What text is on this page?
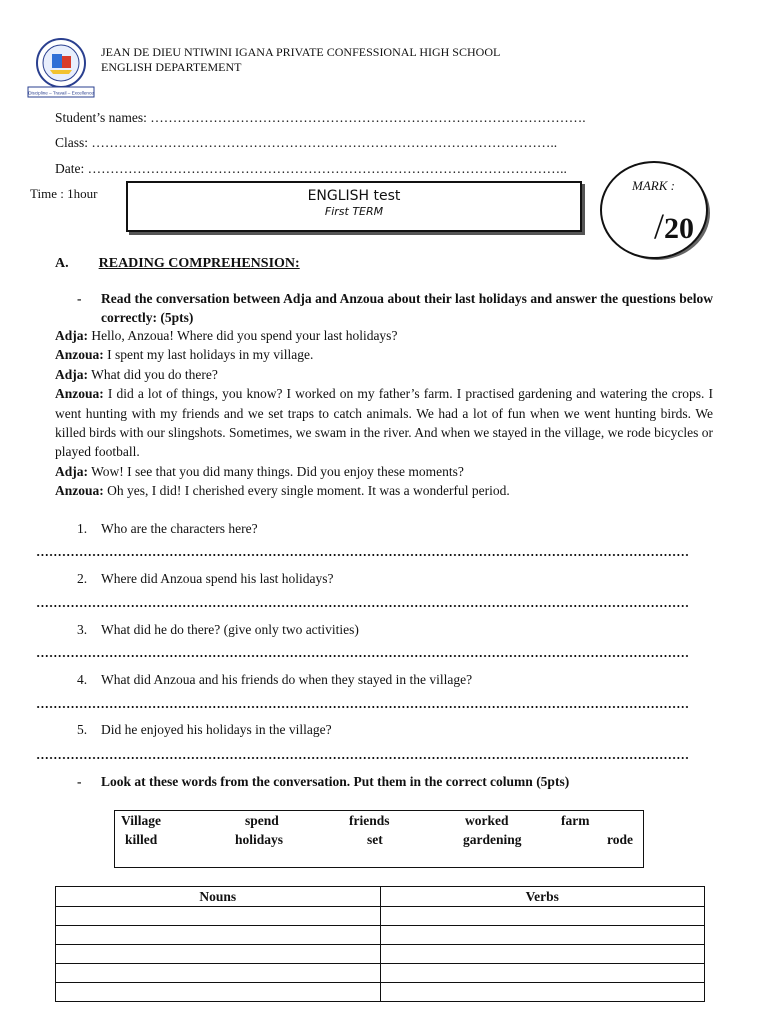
Discipline – Travail – Excellence
JEAN DE DIEU NTIWINI IGANA PRIVATE CONFESSIONAL HIGH SCHOOL
ENGLISH DEPARTEMENT
Student’s names: …………………………………………………………………………………….
Class: …………………………………………………………………………………………..
Date: ……………………………………………………………………………………………..
Time : 1hour	ENGLISH test
First TERM
MARK :
/20
A. READING COMPREHENSION:
- Read the conversation between Adja and Anzoua about their last holidays and answer the questions below correctly: (5pts)
Adja: Hello, Anzoua! Where did you spend your last holidays?
Anzoua: I spent my last holidays in my village.
Adja: What did you do there?
Anzoua: I did a lot of things, you know? I worked on my father’s farm. I practised gardening and watering the crops. I went hunting with my friends and we set traps to catch animals. We had a lot of fun when we went hunting birds. We killed birds with our slingshots. Sometimes, we swam in the river. And when we stayed in the village, we rode bicycles or played football.
Adja: Wow! I see that you did many things. Did you enjoy these moments?
Anzoua: Oh yes, I did! I cherished every single moment. It was a wonderful period.
1. Who are the characters here?
2. Where did Anzoua spend his last holidays?
3. What did he do there? (give only two activities)
4. What did Anzoua and his friends do when they stayed in the village?
5. Did he enjoyed his holidays in the village?
- Look at these words from the conversation. Put them in the correct column (5pts)
Village	spend	friends	worked	farm
killed	holidays	set	gardening	rode
Nouns	Verbs
